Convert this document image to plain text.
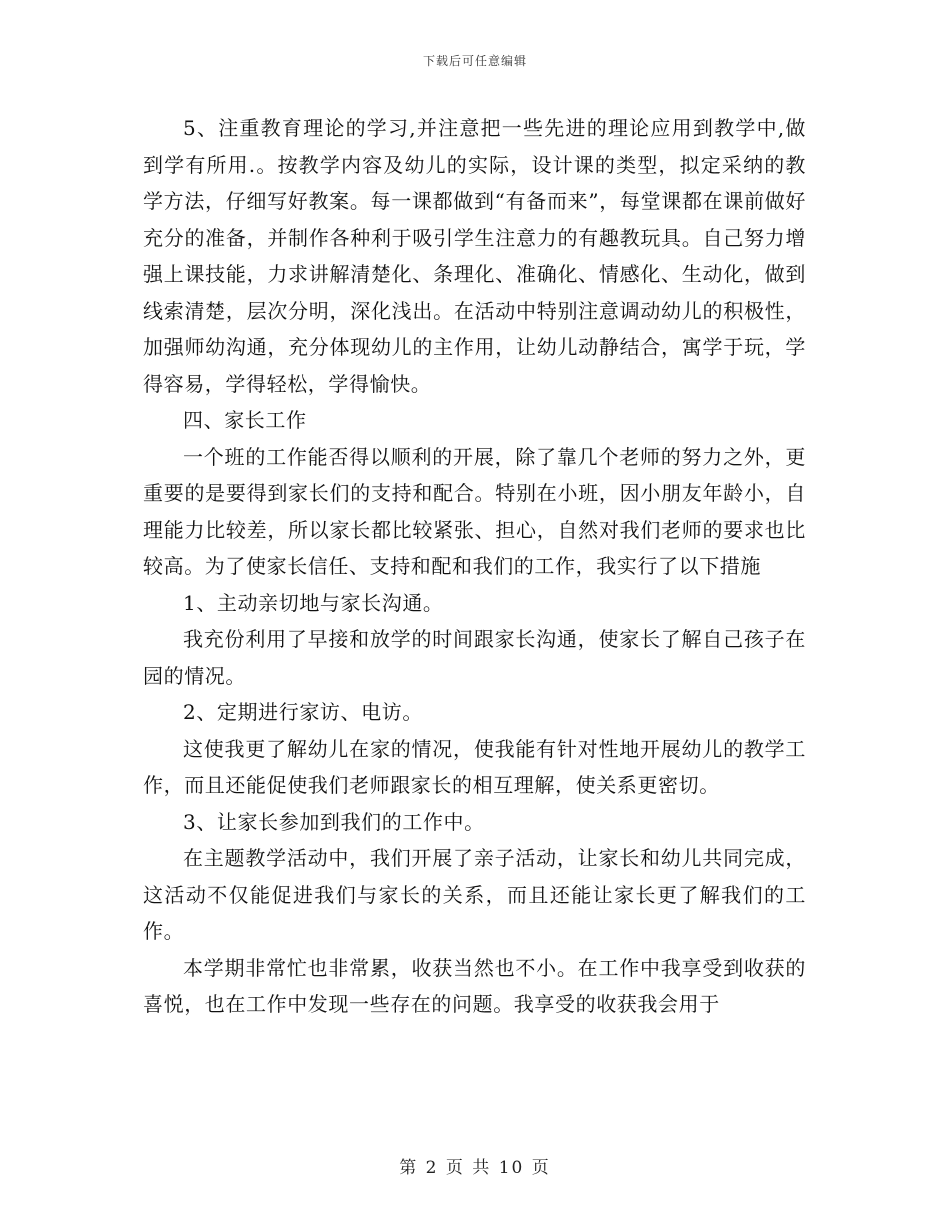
下载后可任意编辑

5、注重教育理论的学习,并注意把一些先进的理论应用到教学中,做到学有所用.。按教学内容及幼儿的实际，设计课的类型，拟定采纳的教学方法，仔细写好教案。每一课都做到“有备而来”，每堂课都在课前做好充分的准备，并制作各种利于吸引学生注意力的有趣教玩具。自己努力增强上课技能，力求讲解清楚化、条理化、准确化、情感化、生动化，做到线索清楚，层次分明，深化浅出。在活动中特别注意调动幼儿的积极性，加强师幼沟通，充分体现幼儿的主作用，让幼儿动静结合，寓学于玩，学得容易，学得轻松，学得愉快。

四、家长工作

一个班的工作能否得以顺利的开展，除了靠几个老师的努力之外，更重要的是要得到家长们的支持和配合。特别在小班，因小朋友年龄小，自理能力比较差，所以家长都比较紧张、担心，自然对我们老师的要求也比较高。为了使家长信任、支持和配和我们的工作，我实行了以下措施

1、主动亲切地与家长沟通。

我充份利用了早接和放学的时间跟家长沟通，使家长了解自己孩子在园的情况。

2、定期进行家访、电访。

这使我更了解幼儿在家的情况，使我能有针对性地开展幼儿的教学工作，而且还能促使我们老师跟家长的相互理解，使关系更密切。

3、让家长参加到我们的工作中。

在主题教学活动中，我们开展了亲子活动，让家长和幼儿共同完成，这活动不仅能促进我们与家长的关系，而且还能让家长更了解我们的工作。

本学期非常忙也非常累，收获当然也不小。在工作中我享受到收获的喜悦，也在工作中发现一些存在的问题。我享受的收获我会用于

第 2 页 共 10 页
